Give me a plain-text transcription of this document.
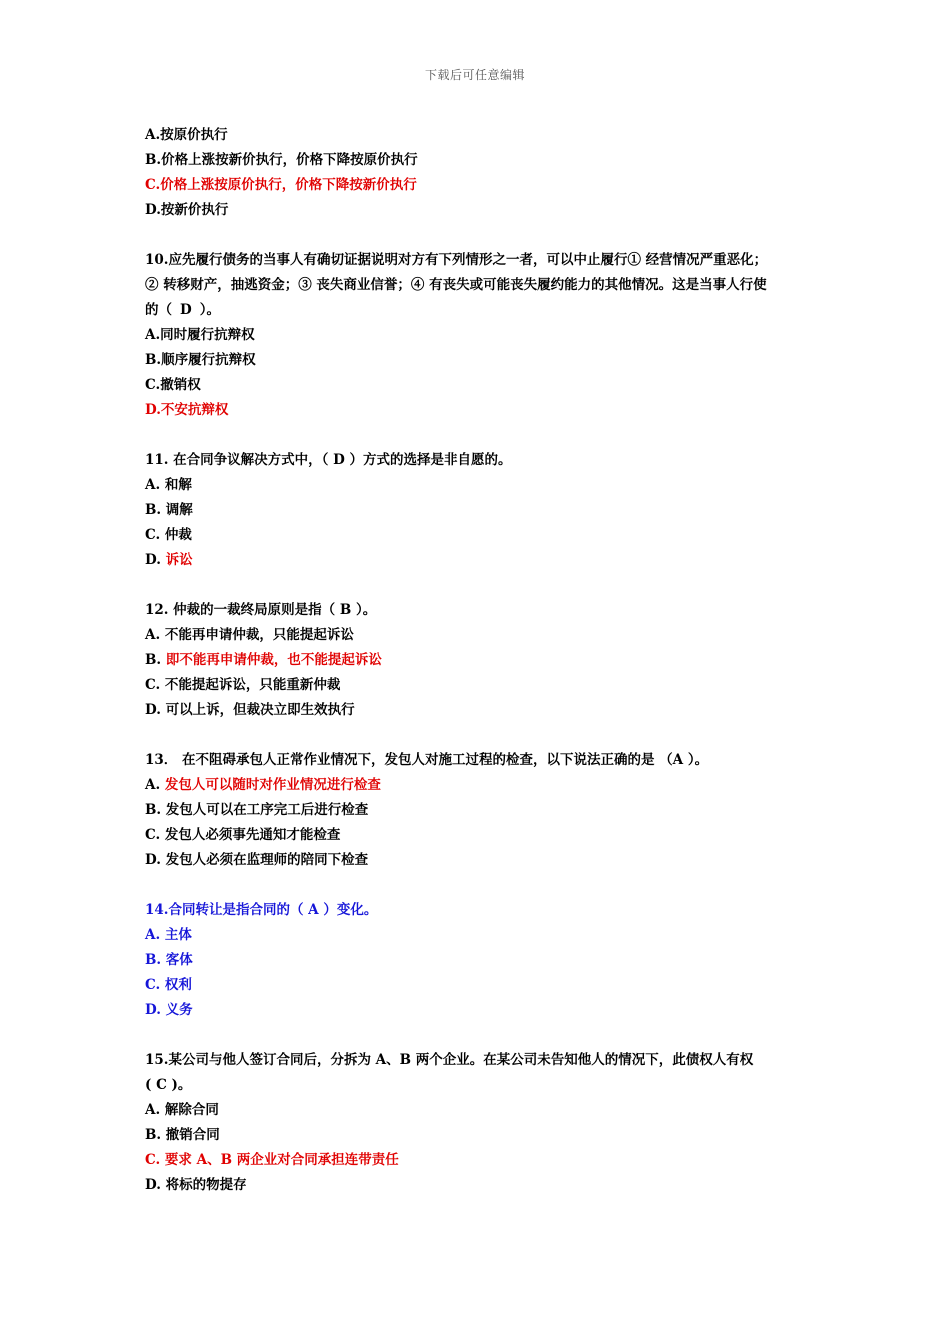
下载后可任意编辑
A.按原价执行
B.价格上涨按新价执行，价格下降按原价执行
C.价格上涨按原价执行，价格下降按新价执行
D.按新价执行
10.应先履行债务的当事人有确切证据说明对方有下列情形之一者，可以中止履行① 经营情况严重恶化；
② 转移财产，抽逃资金；③ 丧失商业信誉；④ 有丧失或可能丧失履约能力的其他情况。这是当事人行使
的（ D ）。
A.同时履行抗辩权
B.顺序履行抗辩权
C.撤销权
D.不安抗辩权
11. 在合同争议解决方式中，（ D ）方式的选择是非自愿的。
A. 和解
B. 调解
C. 仲裁
D. 诉讼
12. 仲裁的一裁终局原则是指（ B ）。
A. 不能再申请仲裁，只能提起诉讼
B. 即不能再申请仲裁，也不能提起诉讼
C. 不能提起诉讼，只能重新仲裁
D. 可以上诉，但裁决立即生效执行
13． 在不阻碍承包人正常作业情况下，发包人对施工过程的检查，以下说法正确的是 （A ）。
A. 发包人可以随时对作业情况进行检查
B. 发包人可以在工序完工后进行检查
C. 发包人必须事先通知才能检查
D. 发包人必须在监理师的陪同下检查
14.合同转让是指合同的（ A ）变化。
A. 主体
B. 客体
C. 权利
D. 义务
15.某公司与他人签订合同后，分拆为 A、B 两个企业。在某公司未告知他人的情况下，此债权人有权
( C )。
A. 解除合同
B. 撤销合同
C. 要求 A、B 两企业对合同承担连带责任
D. 将标的物提存
